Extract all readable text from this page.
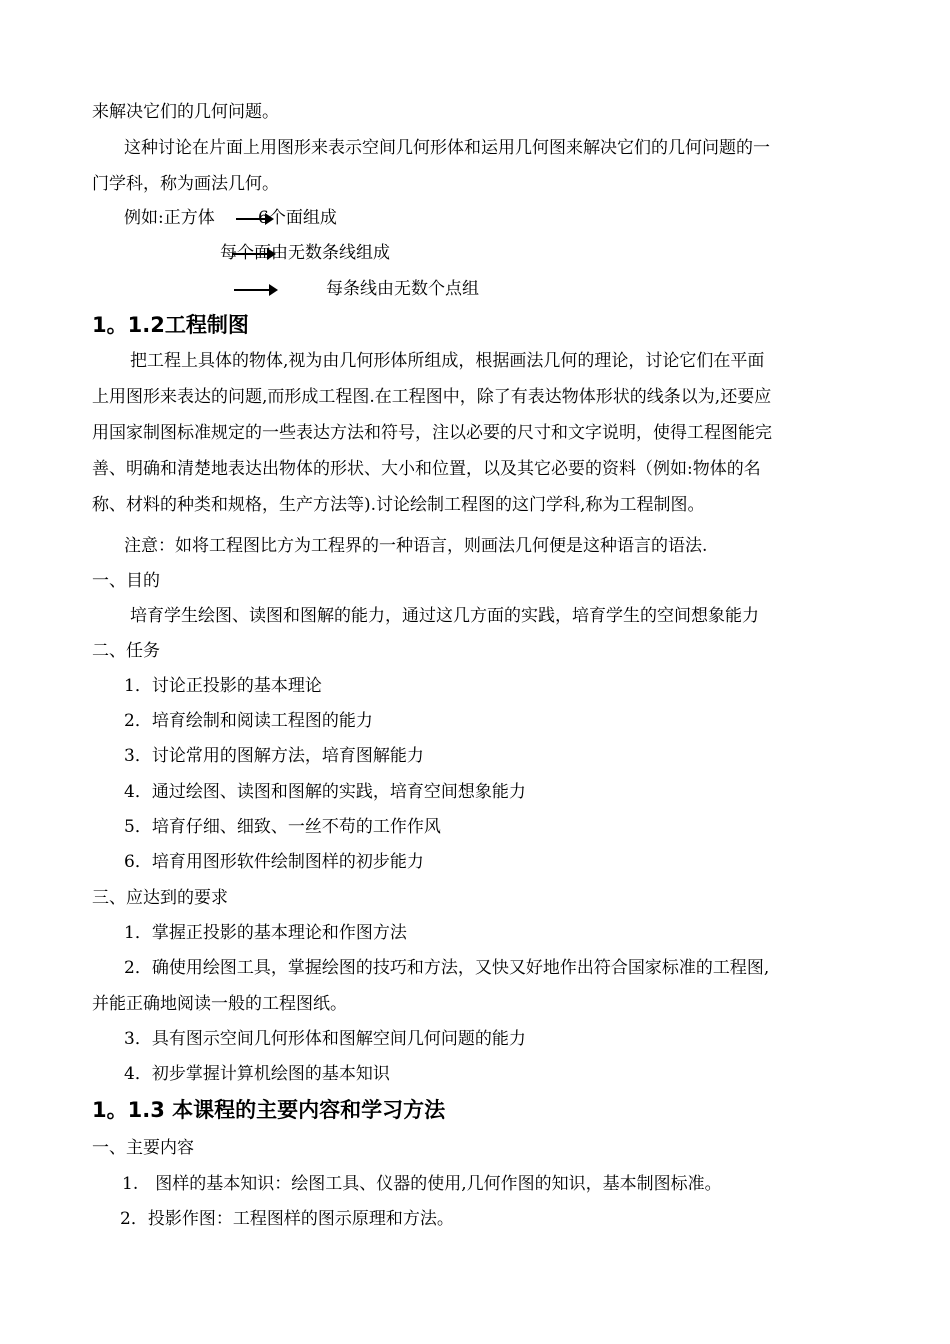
来解决它们的几何问题。
这种讨论在片面上用图形来表示空间几何形体和运用几何图来解决它们的几何问题的一
门学科，称为画法几何。
例如:正方体	6个面组成
每个面由无数条线组成
每条线由无数个点组
1。1.2工程制图
把工程上具体的物体,视为由几何形体所组成，根据画法几何的理论，讨论它们在平面
上用图形来表达的问题,而形成工程图.在工程图中，除了有表达物体形状的线条以为,还要应
用国家制图标准规定的一些表达方法和符号，注以必要的尺寸和文字说明，使得工程图能完
善、明确和清楚地表达出物体的形状、大小和位置，以及其它必要的资料（例如:物体的名
称、材料的种类和规格，生产方法等).讨论绘制工程图的这门学科,称为工程制图。
注意：如将工程图比方为工程界的一种语言，则画法几何便是这种语言的语法.
一、目的
培育学生绘图、读图和图解的能力，通过这几方面的实践，培育学生的空间想象能力
二、任务
1．讨论正投影的基本理论
2．培育绘制和阅读工程图的能力
3．讨论常用的图解方法，培育图解能力
4．通过绘图、读图和图解的实践，培育空间想象能力
5．培育仔细、细致、一丝不苟的工作作风
6．培育用图形软件绘制图样的初步能力
三、应达到的要求
1．掌握正投影的基本理论和作图方法
2．确使用绘图工具，掌握绘图的技巧和方法，又快又好地作出符合国家标准的工程图,
并能正确地阅读一般的工程图纸。
3．具有图示空间几何形体和图解空间几何问题的能力
4．初步掌握计算机绘图的基本知识
1。1.3 本课程的主要内容和学习方法
一、主要内容
1.　图样的基本知识：绘图工具、仪器的使用,几何作图的知识，基本制图标准。
2．投影作图：工程图样的图示原理和方法。
